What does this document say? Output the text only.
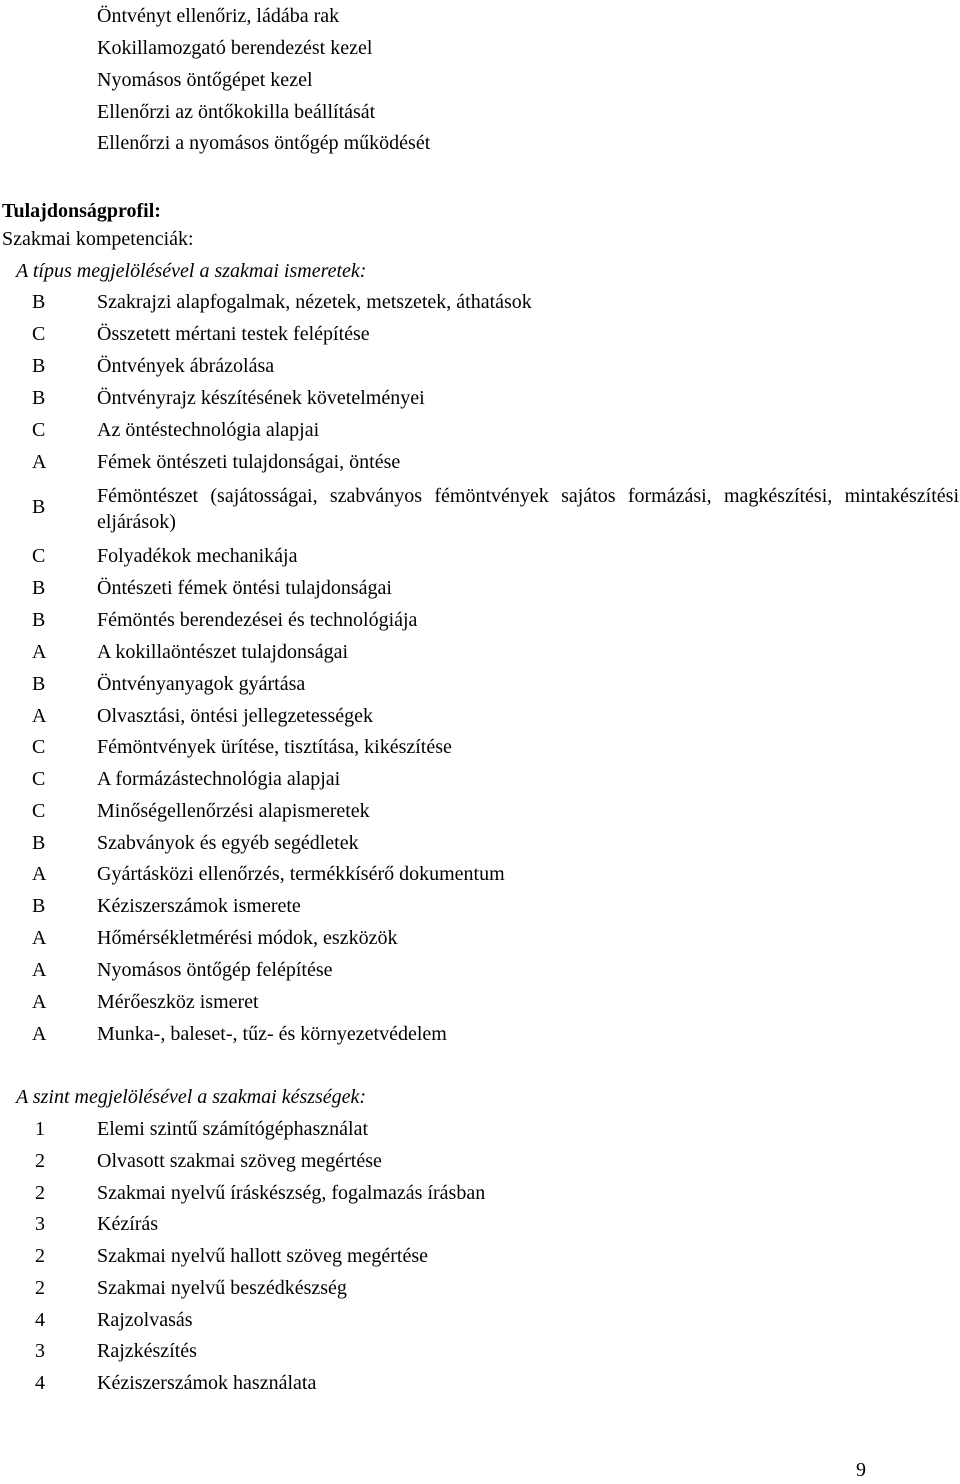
Öntvényt ellenőriz, ládába rak
Kokillamozgató berendezést kezel
Nyomásos öntőgépet kezel
Ellenőrzi az öntőkokilla beállítását
Ellenőrzi a nyomásos öntőgép működését
Tulajdonságprofil:
Szakmai kompetenciák:
A típus megjelölésével a szakmai ismeretek:
B	Szakrajzi alapfogalmak, nézetek, metszetek, áthatások
C	Összetett mértani testek felépítése
B	Öntvények ábrázolása
B	Öntvényrajz készítésének követelményei
C	Az öntéstechnológia alapjai
A	Fémek öntészeti tulajdonságai, öntése
B	Fémöntészet (sajátosságai, szabványos fémöntvények sajátos formázási, magkészítési, mintakészítési eljárások)
C	Folyadékok mechanikája
B	Öntészeti fémek öntési tulajdonságai
B	Fémöntés berendezései és technológiája
A	A kokillaöntészet tulajdonságai
B	Öntvényanyagok gyártása
A	Olvasztási, öntési jellegzetességek
C	Fémöntvények ürítése, tisztítása, kikészítése
C	A formázástechnológia alapjai
C	Minőségellenőrzési alapismeretek
B	Szabványok és egyéb segédletek
A	Gyártásközi ellenőrzés, termékkísérő dokumentum
B	Kéziszerszámok ismerete
A	Hőmérsékletmérési módok, eszközök
A	Nyomásos öntőgép felépítése
A	Mérőeszköz ismeret
A	Munka-, baleset-, tűz- és környezetvédelem
A szint megjelölésével a szakmai készségek:
1	Elemi szintű számítógéphasználat
2	Olvasott szakmai szöveg megértése
2	Szakmai nyelvű íráskészség, fogalmazás írásban
3	Kézírás
2	Szakmai nyelvű hallott szöveg megértése
2	Szakmai nyelvű beszédkészség
4	Rajzolvasás
3	Rajzkészítés
4	Kéziszerszámok használata
9
